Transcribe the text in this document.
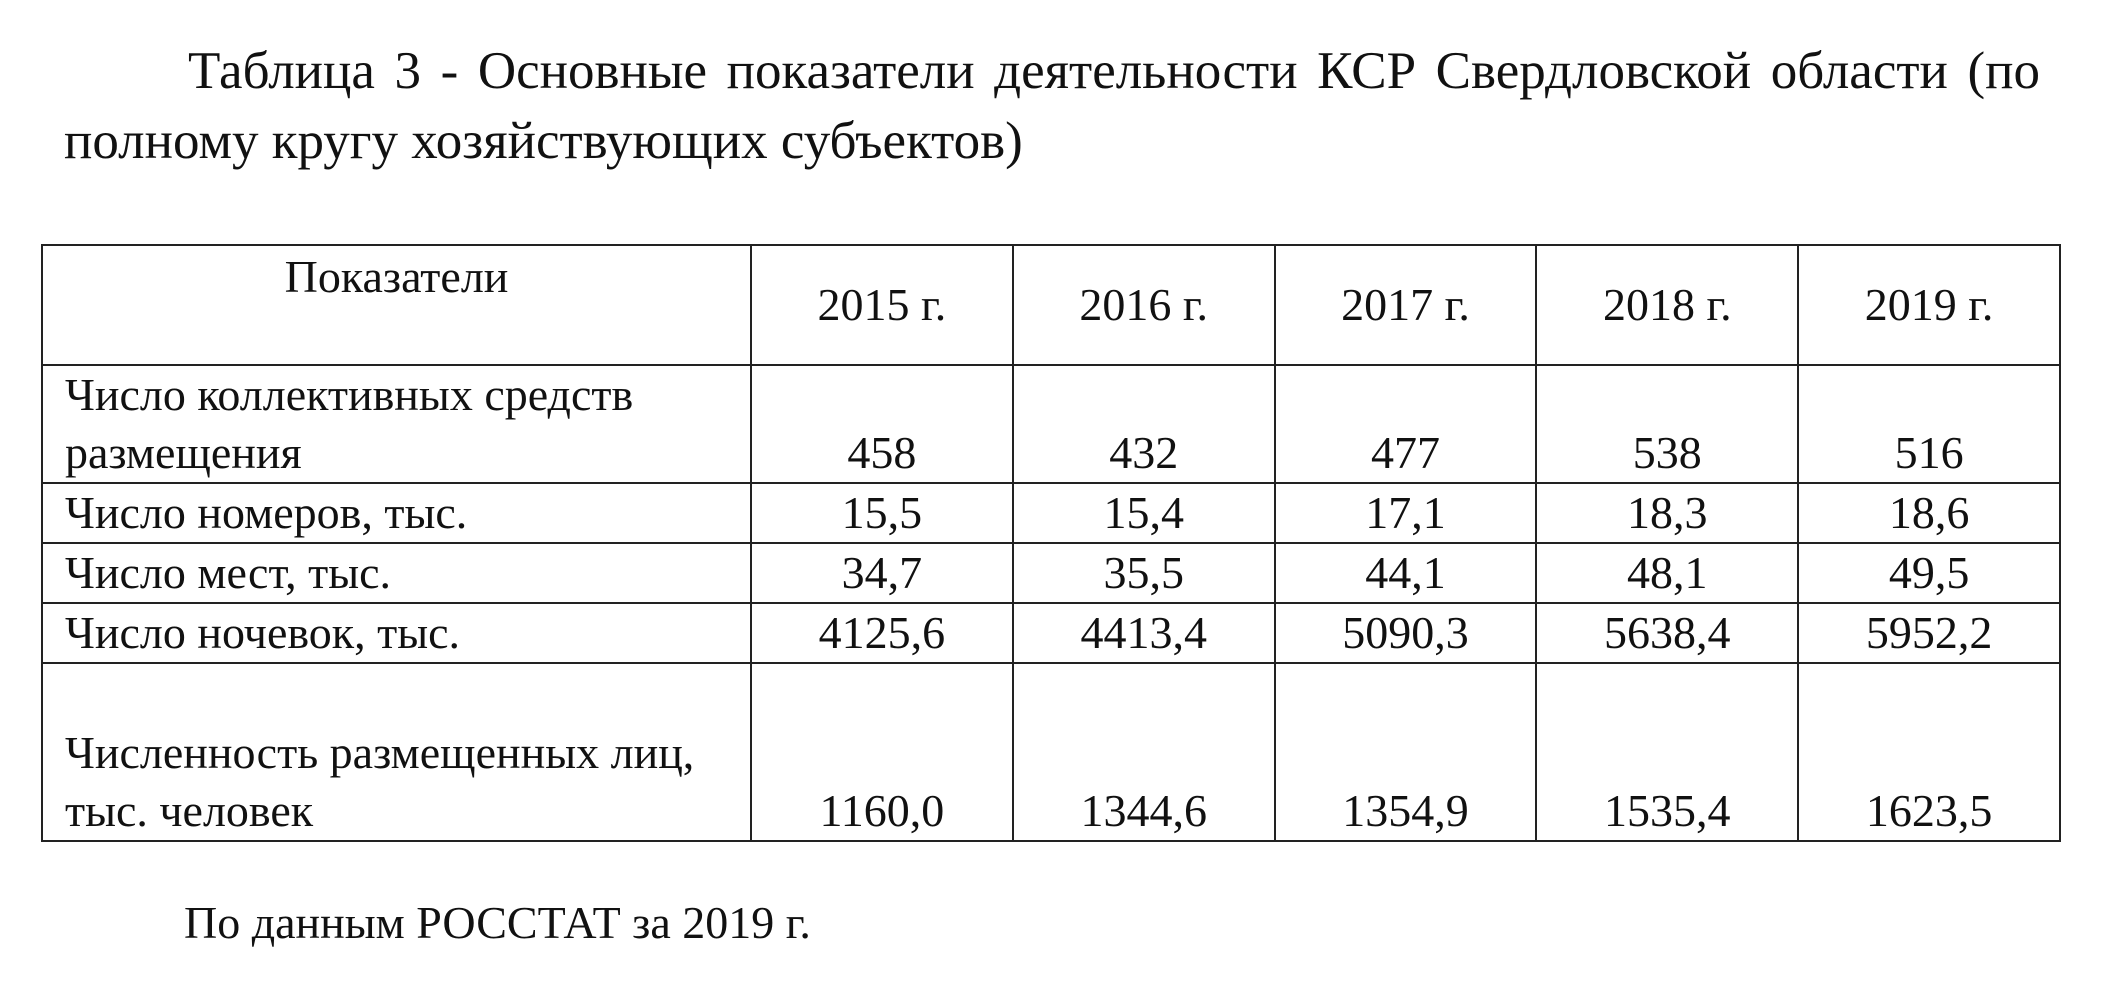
Таблица 3 - Основные показатели деятельности КСР Свердловской области (по полному кругу хозяйствующих субъектов)

Показатели	2015 г.	2016 г.	2017 г.	2018 г.	2019 г.
Число коллективных средств размещения	458	432	477	538	516
Число номеров, тыс.	15,5	15,4	17,1	18,3	18,6
Число мест, тыс.	34,7	35,5	44,1	48,1	49,5
Число ночевок, тыс.	4125,6	4413,4	5090,3	5638,4	5952,2
Численность размещенных лиц,
тыс. человек	1160,0	1344,6	1354,9	1535,4	1623,5

По данным РОССТАТ за 2019 г.
